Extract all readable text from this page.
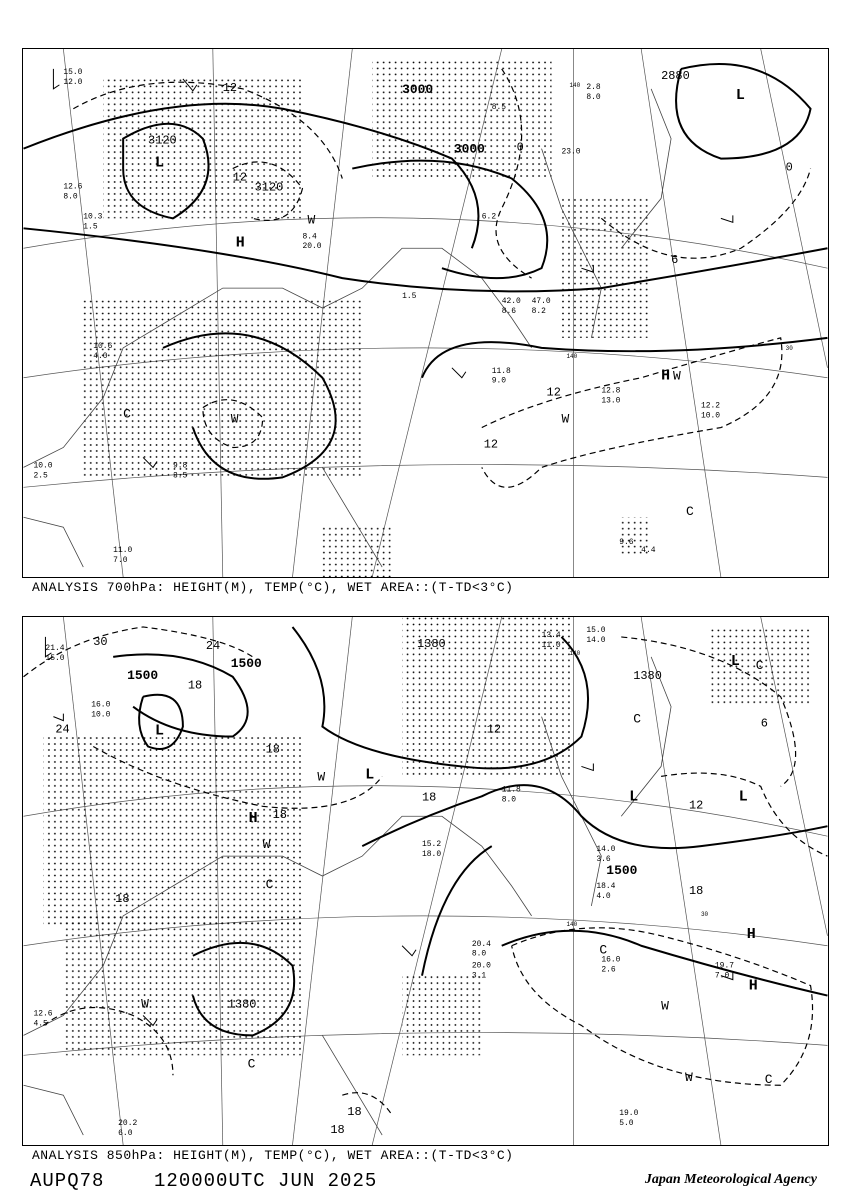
3120
3000
3000
2880
3120
12
12
0
6
0
12
12
L
L
H
H W
W
W
C
C
W
140
140
30
15.0
12.0
12.6
8.0
10.3
1.5
8.4
20.0
8.5
6.2
4.4
9.6
11.0
7.0
12.8
13.0
12.2
10.0
10.0
2.5
9.8
3.5
11.8
9.0
10.6
4.0
2.8
8.0
23.0
42.0
8.6
47.0
8.2
1.5
ANALYSIS 700hPa: HEIGHT(M), TEMP(°C), WET AREA::(T-TD<3°C)
1500
1500
1380
1380
1500
1380
30	24
24
18
18
18
18
18
12
18
6
18
12
18
L
L
H
L	L
L
W
W
C
C
W
H
H
W
W
C
C
C
C
140
140
30
21.4
15.0
15.0
14.0
13.4
11.0
16.0
10.0
20.4
8.0
20.0
3.1
19.0
5.0
20.2
6.0
19.7
7.0
16.0
2.6
14.0
3.6
18.4
4.0
15.2
18.0
11.8
8.0
12.6
4.5
ANALYSIS 850hPa: HEIGHT(M), TEMP(°C), WET AREA::(T-TD<3°C)
AUPQ78	120000UTC JUN 2025	Japan Meteorological Agency
